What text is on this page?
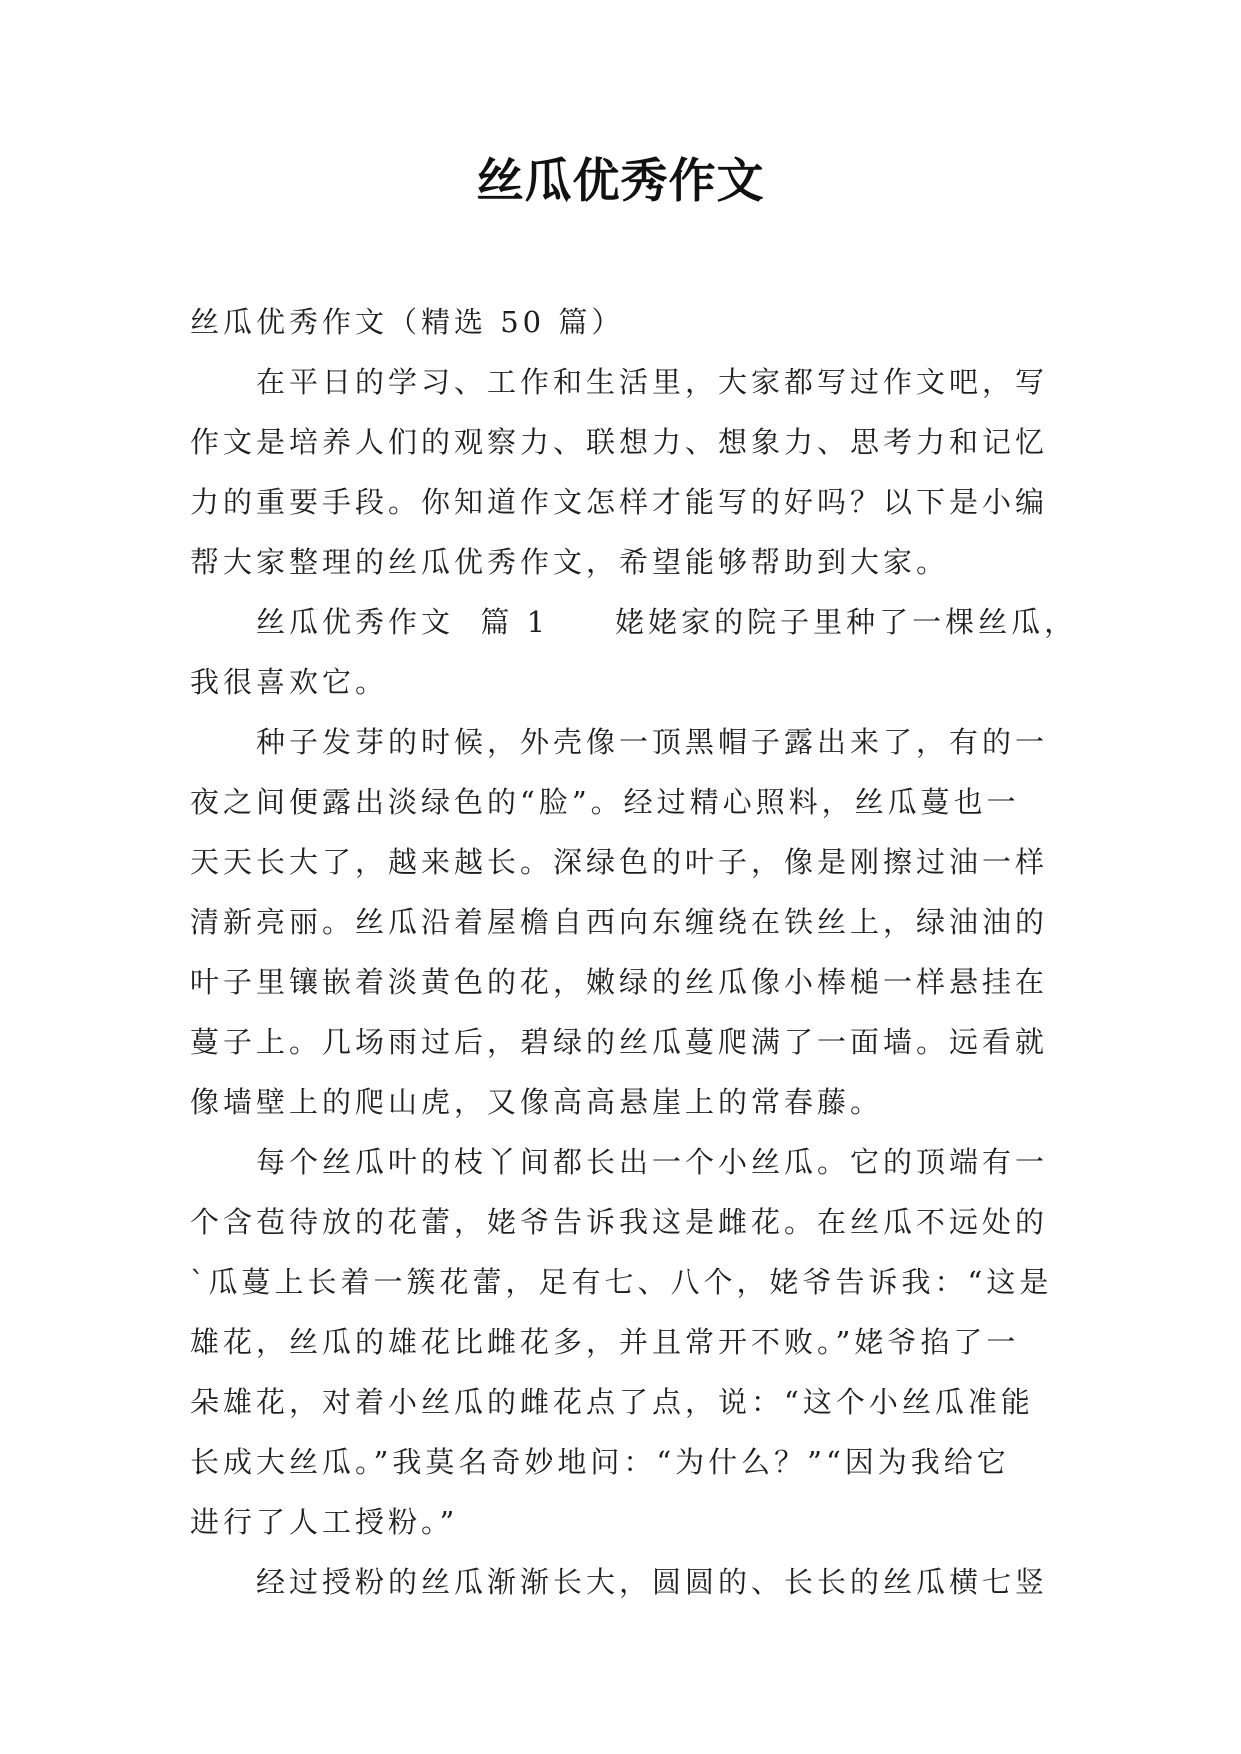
丝瓜优秀作文

丝瓜优秀作文（精选 50 篇）

在平日的学习、工作和生活里，大家都写过作文吧，写
作文是培养人们的观察力、联想力、想象力、思考力和记忆
力的重要手段。你知道作文怎样才能写的好吗？以下是小编
帮大家整理的丝瓜优秀作文，希望能够帮助到大家。

丝瓜优秀作文  篇 1 姥姥家的院子里种了一棵丝瓜，
我很喜欢它。

种子发芽的时候，外壳像一顶黑帽子露出来了，有的一
夜之间便露出淡绿色的“脸”。经过精心照料，丝瓜蔓也一
天天长大了，越来越长。深绿色的叶子，像是刚擦过油一样
清新亮丽。丝瓜沿着屋檐自西向东缠绕在铁丝上，绿油油的
叶子里镶嵌着淡黄色的花，嫩绿的丝瓜像小棒槌一样悬挂在
蔓子上。几场雨过后，碧绿的丝瓜蔓爬满了一面墙。远看就
像墙壁上的爬山虎，又像高高悬崖上的常春藤。

每个丝瓜叶的枝丫间都长出一个小丝瓜。它的顶端有一
个含苞待放的花蕾，姥爷告诉我这是雌花。在丝瓜不远处的
`瓜蔓上长着一簇花蕾，足有七、八个，姥爷告诉我：“这是
雄花，丝瓜的雄花比雌花多，并且常开不败。”姥爷掐了一
朵雄花，对着小丝瓜的雌花点了点，说：“这个小丝瓜准能
长成大丝瓜。”我莫名奇妙地问：“为什么？”“因为我给它
进行了人工授粉。”

经过授粉的丝瓜渐渐长大，圆圆的、长长的丝瓜横七竖
